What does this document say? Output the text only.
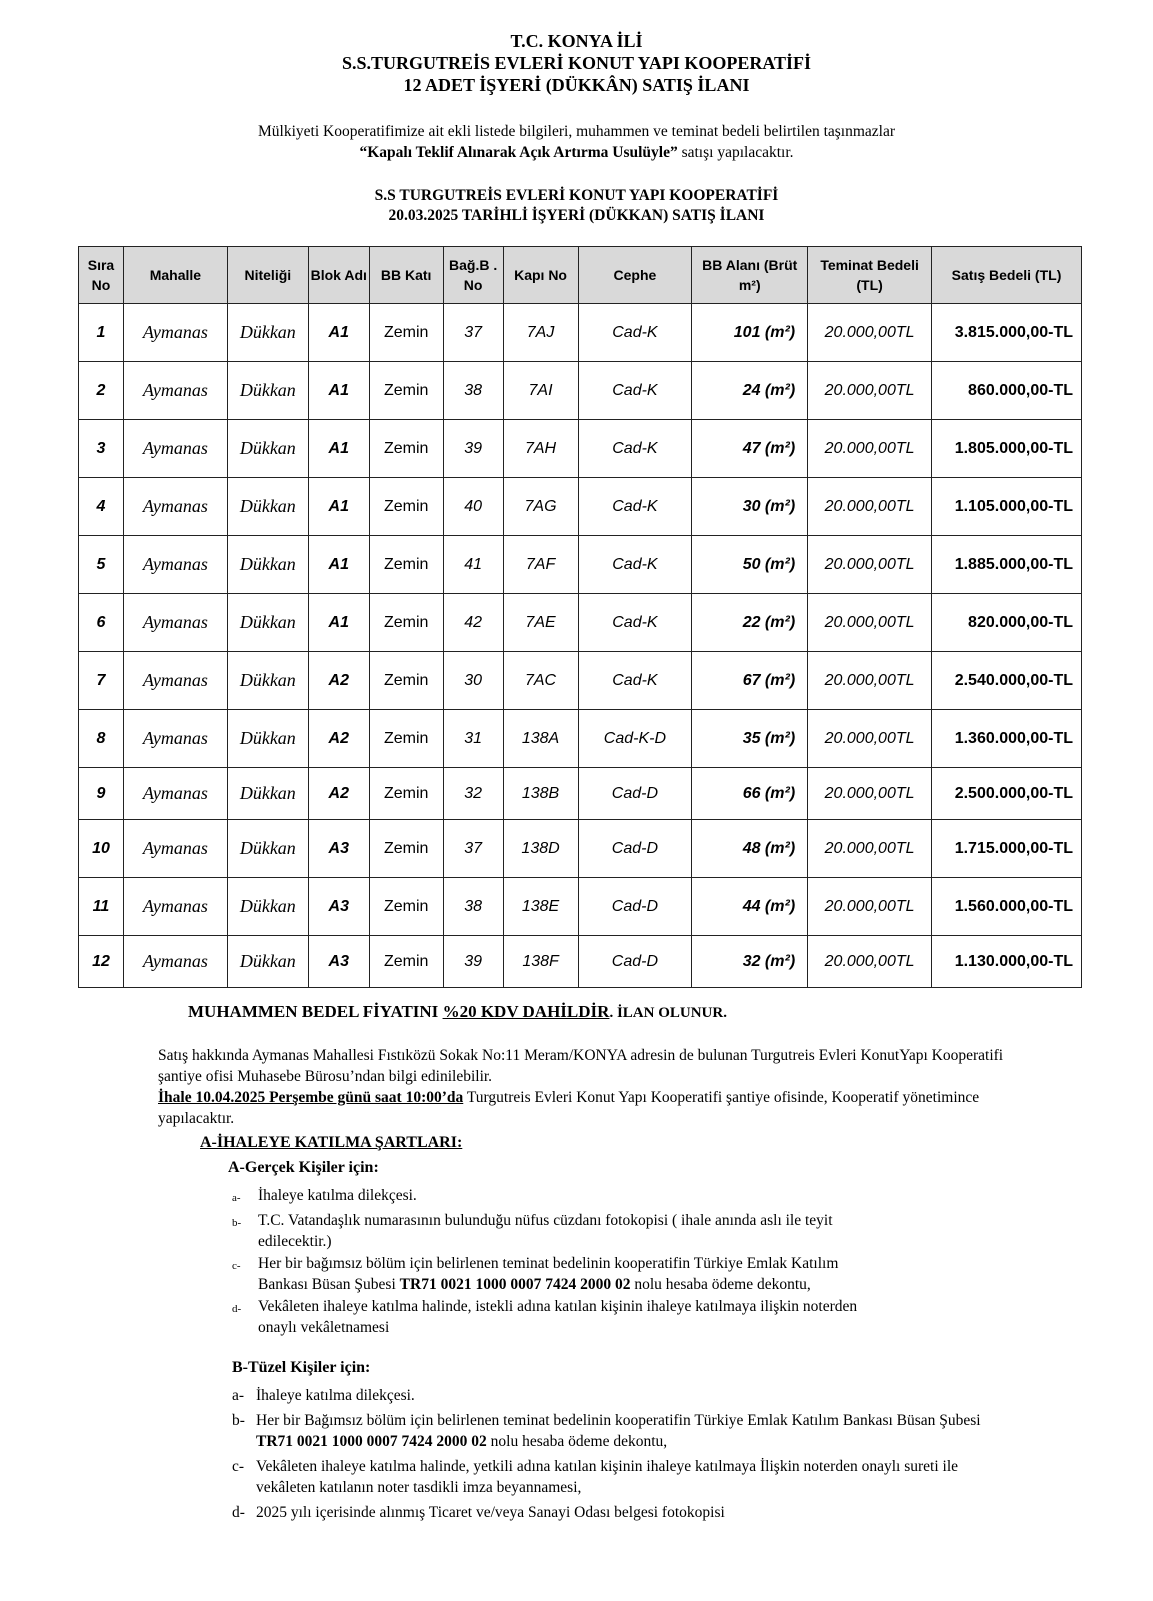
T.C. KONYA İLİ
S.S.TURGUTREİS EVLERİ KONUT YAPI KOOPERATİFİ
12 ADET İŞYERİ (DÜKKÂN) SATIŞ İLANI
Mülkiyeti Kooperatifimize ait ekli listede bilgileri, muhammen ve teminat bedeli belirtilen taşınmazlar
“Kapalı Teklif Alınarak Açık Artırma Usulüyle” satışı yapılacaktır.
S.S TURGUTREİS EVLERİ KONUT YAPI KOOPERATİFİ
20.03.2025 TARİHLİ İŞYERİ (DÜKKAN) SATIŞ İLANI
Sıra No	Mahalle	Niteliği	Blok Adı	BB Katı	Bağ.B . No	Kapı No	Cephe	BB Alanı (Brüt m²)	Teminat Bedeli (TL)	Satış Bedeli (TL)
1	Aymanas	Dükkan	A1	Zemin	37	7AJ	Cad-K	101 (m²)	20.000,00TL	3.815.000,00-TL
2	Aymanas	Dükkan	A1	Zemin	38	7AI	Cad-K	24 (m²)	20.000,00TL	860.000,00-TL
3	Aymanas	Dükkan	A1	Zemin	39	7AH	Cad-K	47 (m²)	20.000,00TL	1.805.000,00-TL
4	Aymanas	Dükkan	A1	Zemin	40	7AG	Cad-K	30 (m²)	20.000,00TL	1.105.000,00-TL
5	Aymanas	Dükkan	A1	Zemin	41	7AF	Cad-K	50 (m²)	20.000,00TL	1.885.000,00-TL
6	Aymanas	Dükkan	A1	Zemin	42	7AE	Cad-K	22 (m²)	20.000,00TL	820.000,00-TL
7	Aymanas	Dükkan	A2	Zemin	30	7AC	Cad-K	67 (m²)	20.000,00TL	2.540.000,00-TL
8	Aymanas	Dükkan	A2	Zemin	31	138A	Cad-K-D	35 (m²)	20.000,00TL	1.360.000,00-TL
9	Aymanas	Dükkan	A2	Zemin	32	138B	Cad-D	66 (m²)	20.000,00TL	2.500.000,00-TL
10	Aymanas	Dükkan	A3	Zemin	37	138D	Cad-D	48 (m²)	20.000,00TL	1.715.000,00-TL
11	Aymanas	Dükkan	A3	Zemin	38	138E	Cad-D	44 (m²)	20.000,00TL	1.560.000,00-TL
12	Aymanas	Dükkan	A3	Zemin	39	138F	Cad-D	32 (m²)	20.000,00TL	1.130.000,00-TL
MUHAMMEN BEDEL FİYATINI %20 KDV DAHİLDİR. İLAN OLUNUR.
Satış hakkında Aymanas Mahallesi Fıstıközü Sokak No:11 Meram/KONYA adresin de bulunan Turgutreis Evleri KonutYapı Kooperatifi şantiye ofisi Muhasebe Bürosu’ndan bilgi edinilebilir.
İhale 10.04.2025 Perşembe günü saat 10:00’da Turgutreis Evleri Konut Yapı Kooperatifi şantiye ofisinde, Kooperatif yönetimince yapılacaktır.
A-İHALEYE KATILMA ŞARTLARI:
A-Gerçek Kişiler için:
a-	İhaleye katılma dilekçesi.
b-	T.C. Vatandaşlık numarasının bulunduğu nüfus cüzdanı fotokopisi ( ihale anında aslı ile teyit edilecektir.)
c-	Her bir bağımsız bölüm için belirlenen teminat bedelinin kooperatifin Türkiye Emlak Katılım Bankası Büsan Şubesi TR71 0021 1000 0007 7424 2000 02 nolu hesaba ödeme dekontu,
d-	Vekâleten ihaleye katılma halinde, istekli adına katılan kişinin ihaleye katılmaya ilişkin noterden onaylı vekâletnamesi
B-Tüzel Kişiler için:
a- İhaleye katılma dilekçesi.
b- Her bir Bağımsız bölüm için belirlenen teminat bedelinin kooperatifin Türkiye Emlak Katılım Bankası Büsan Şubesi TR71 0021 1000 0007 7424 2000 02 nolu hesaba ödeme dekontu,
c- Vekâleten ihaleye katılma halinde, yetkili adına katılan kişinin ihaleye katılmaya İlişkin noterden onaylı sureti ile vekâleten katılanın noter tasdikli imza beyannamesi,
d- 2025 yılı içerisinde alınmış Ticaret ve/veya Sanayi Odası belgesi fotokopisi
